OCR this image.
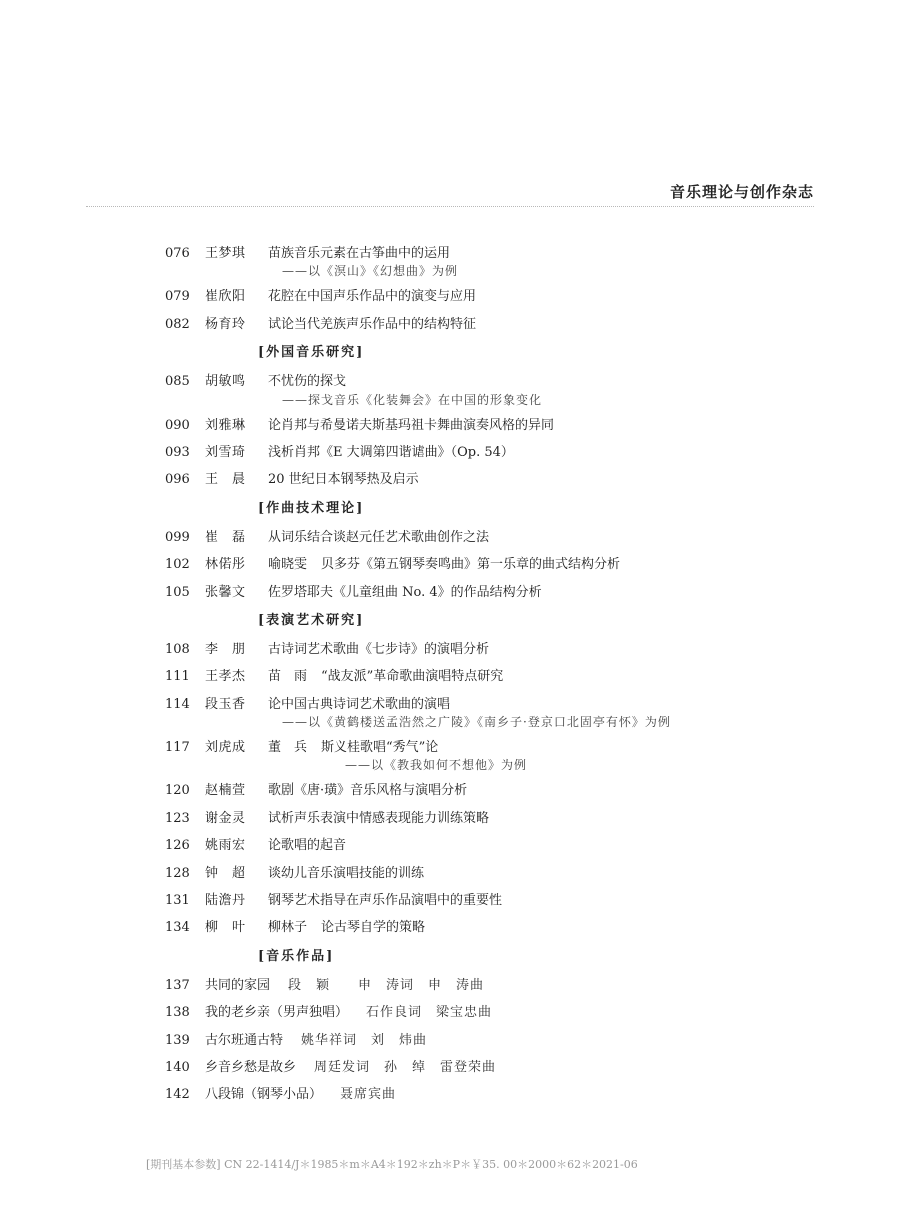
音乐理论与创作杂志
076	王梦琪	苗族音乐元素在古筝曲中的运用
——以《溟山》《幻想曲》为例
079	崔欣阳	花腔在中国声乐作品中的演变与应用
082	杨育玲	试论当代羌族声乐作品中的结构特征
[外国音乐研究]
085	胡敏鸣	不忧伤的探戈
——探戈音乐《化装舞会》在中国的形象变化
090	刘雅琳	论肖邦与希曼诺夫斯基玛祖卡舞曲演奏风格的异同
093	刘雪琦	浅析肖邦《E 大调第四谐谑曲》（Op. 54）
096	王　晨	20 世纪日本钢琴热及启示
[作曲技术理论]
099	崔　磊	从词乐结合谈赵元任艺术歌曲创作之法
102	林偌彤	喻晓雯 贝多芬《第五钢琴奏鸣曲》第一乐章的曲式结构分析
105	张馨文	佐罗塔耶夫《儿童组曲 No. 4》的作品结构分析
[表演艺术研究]
108	李　朋	古诗词艺术歌曲《七步诗》的演唱分析
111	王孝杰	苗　雨 “战友派”革命歌曲演唱特点研究
114	段玉香	论中国古典诗词艺术歌曲的演唱
——以《黄鹤楼送孟浩然之广陵》《南乡子·登京口北固亭有怀》为例
117	刘虎成	董　兵 斯义桂歌唱“秀气”论
——以《教我如何不想他》为例
120	赵楠萱	歌剧《唐·璜》音乐风格与演唱分析
123	谢金灵	试析声乐表演中情感表现能力训练策略
126	姚雨宏	论歌唱的起音
128	钟　超	谈幼儿音乐演唱技能的训练
131	陆澹丹	钢琴艺术指导在声乐作品演唱中的重要性
134	柳　叶	柳林子 论古琴自学的策略
[音乐作品]
137	共同的家园 段　颖　　申　涛词　申　涛曲
138	我的老乡亲（男声独唱） 石作良词　梁宝忠曲
139	古尔班通古特 姚华祥词　刘　炜曲
140	乡音乡愁是故乡 周廷发词　孙　绰　雷登荣曲
142	八段锦（钢琴小品） 聂席宾曲
[期刊基本参数] CN 22-1414/J＊1985＊m＊A4＊192＊zh＊P＊￥35. 00＊2000＊62＊2021-06
